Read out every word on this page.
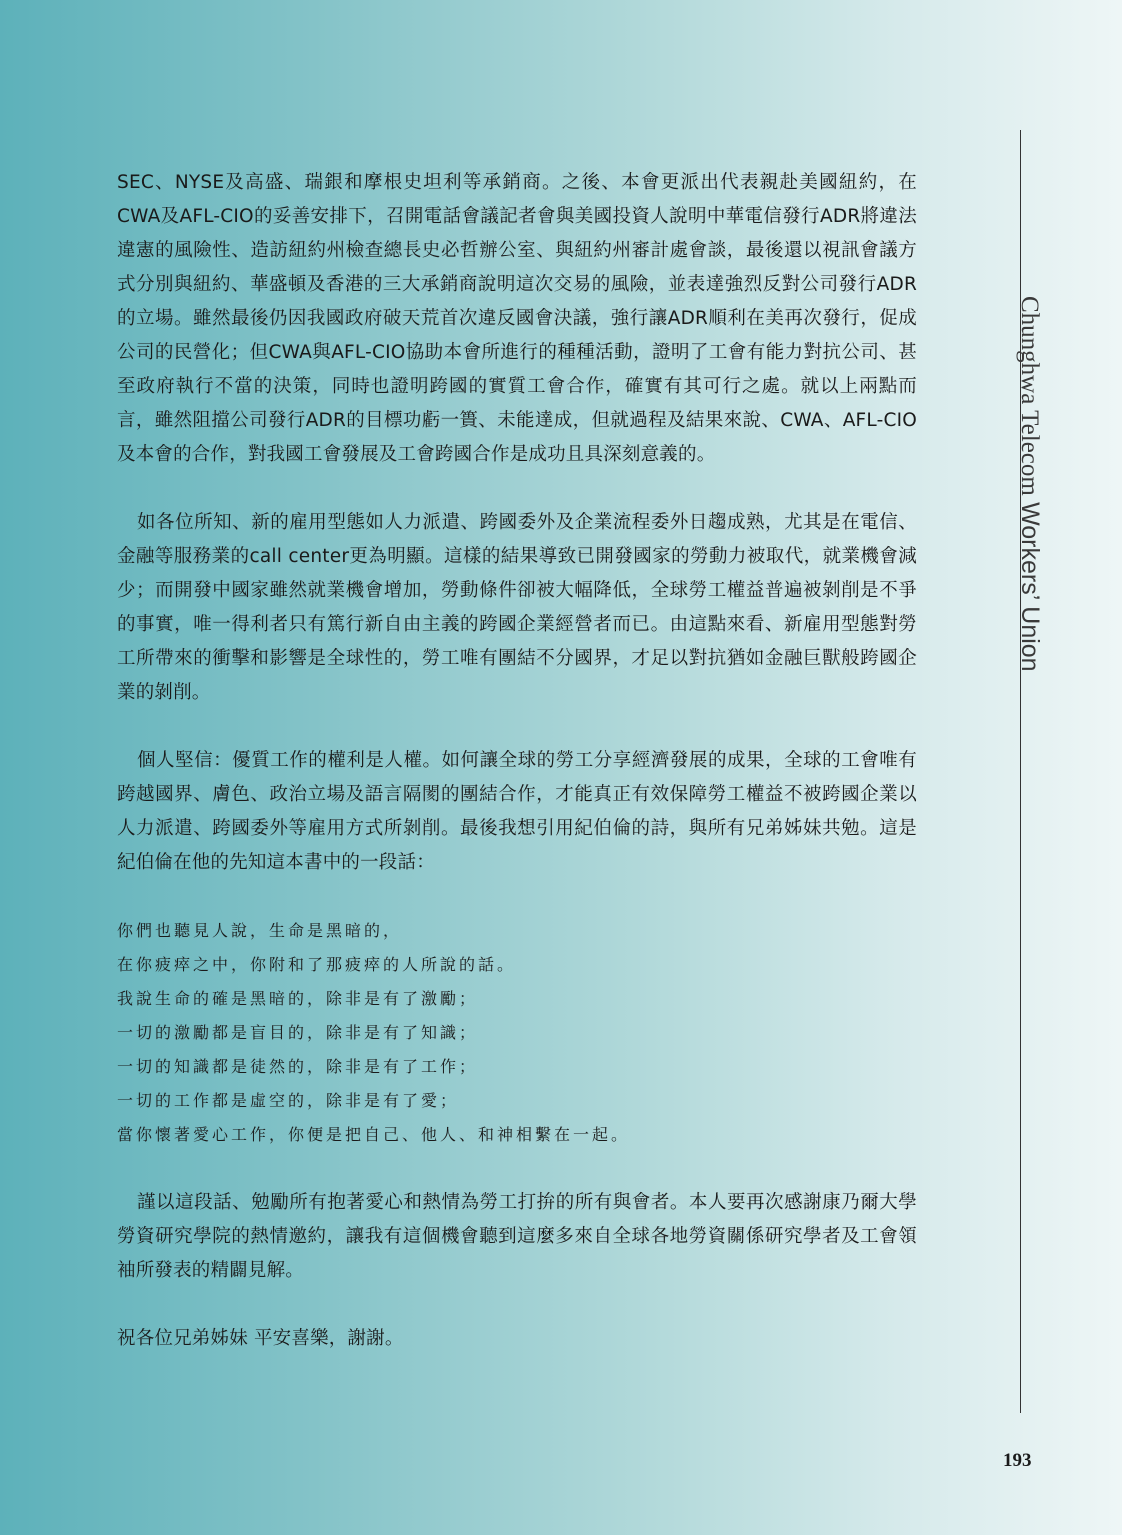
SEC、NYSE及高盛、瑞銀和摩根史坦利等承銷商。之後、本會更派出代表親赴美國紐約，在CWA及AFL-CIO的妥善安排下，召開電話會議記者會與美國投資人說明中華電信發行ADR將違法違憲的風險性、造訪紐約州檢查總長史必哲辦公室、與紐約州審計處會談，最後還以視訊會議方式分別與紐約、華盛頓及香港的三大承銷商說明這次交易的風險，並表達強烈反對公司發行ADR的立場。雖然最後仍因我國政府破天荒首次違反國會決議，強行讓ADR順利在美再次發行，促成公司的民營化；但CWA與AFL-CIO協助本會所進行的種種活動，證明了工會有能力對抗公司、甚至政府執行不當的決策，同時也證明跨國的實質工會合作，確實有其可行之處。就以上兩點而言，雖然阻擋公司發行ADR的目標功虧一簣、未能達成，但就過程及結果來說、CWA、AFL-CIO及本會的合作，對我國工會發展及工會跨國合作是成功且具深刻意義的。

如各位所知、新的雇用型態如人力派遣、跨國委外及企業流程委外日趨成熟，尤其是在電信、金融等服務業的call center更為明顯。這樣的結果導致已開發國家的勞動力被取代，就業機會減少；而開發中國家雖然就業機會增加，勞動條件卻被大幅降低，全球勞工權益普遍被剝削是不爭的事實，唯一得利者只有篤行新自由主義的跨國企業經營者而已。由這點來看、新雇用型態對勞工所帶來的衝擊和影響是全球性的，勞工唯有團結不分國界，才足以對抗猶如金融巨獸般跨國企業的剝削。

個人堅信：優質工作的權利是人權。如何讓全球的勞工分享經濟發展的成果，全球的工會唯有跨越國界、膚色、政治立場及語言隔閡的團結合作，才能真正有效保障勞工權益不被跨國企業以人力派遣、跨國委外等雇用方式所剝削。最後我想引用紀伯倫的詩，與所有兄弟姊妹共勉。這是紀伯倫在他的先知這本書中的一段話：

你們也聽見人說，生命是黑暗的，
在你疲瘁之中，你附和了那疲瘁的人所說的話。
我說生命的確是黑暗的，除非是有了激勵；
一切的激勵都是盲目的，除非是有了知識；
一切的知識都是徒然的，除非是有了工作；
一切的工作都是虛空的，除非是有了愛；
當你懷著愛心工作，你便是把自己、他人、和神相繫在一起。

謹以這段話、勉勵所有抱著愛心和熱情為勞工打拚的所有與會者。本人要再次感謝康乃爾大學勞資研究學院的熱情邀約，讓我有這個機會聽到這麼多來自全球各地勞資關係研究學者及工會領袖所發表的精闢見解。

祝各位兄弟姊妹 平安喜樂，謝謝。

Chunghwa Telecom Workers’ Union
193
